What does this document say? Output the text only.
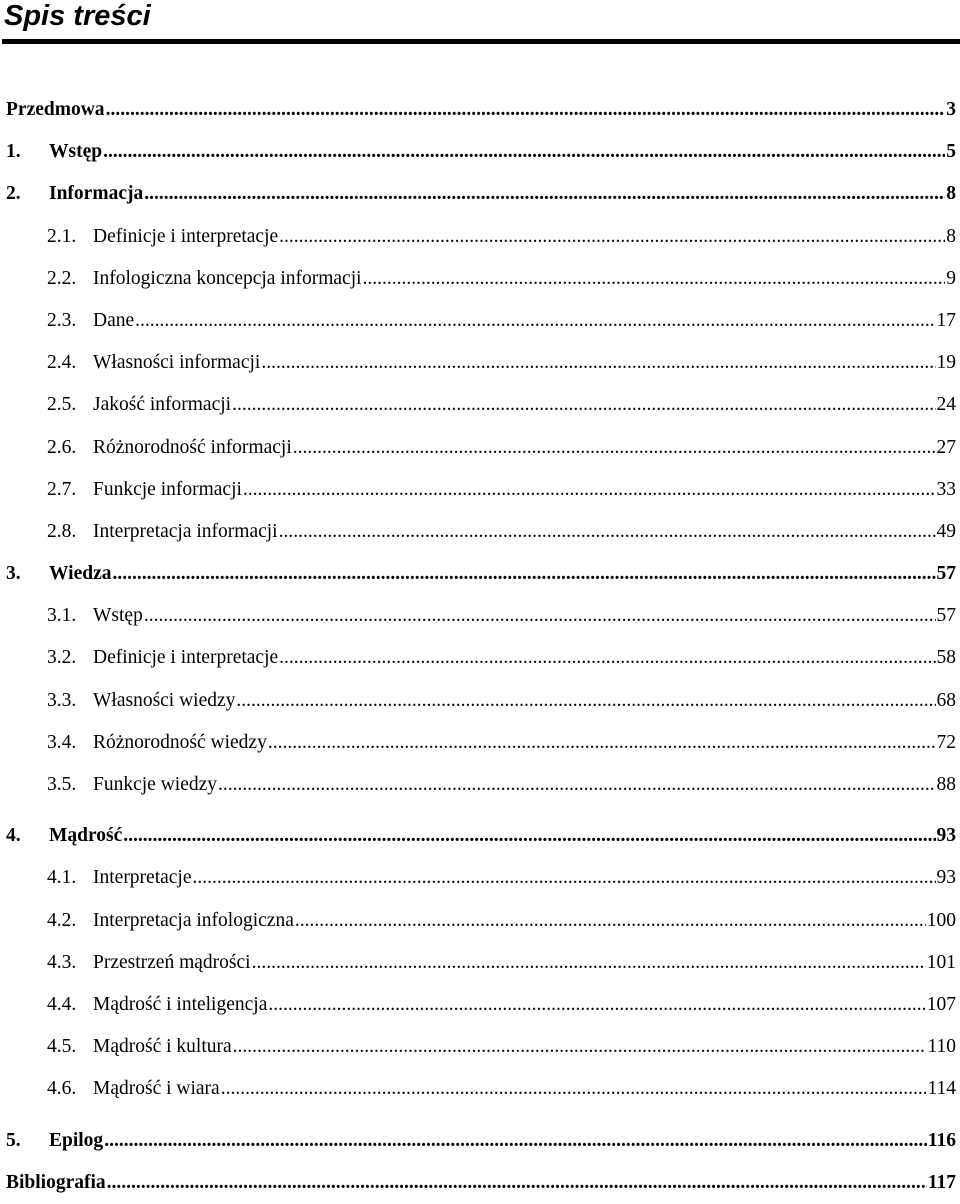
Spis treści
Przedmowa .....	3
1.	Wstęp .....	5
2.	Informacja .....	8
2.1. Definicje i interpretacje .....	8
2.2. Infologiczna koncepcja informacji .....	9
2.3. Dane .....	17
2.4. Własności informacji .....	19
2.5. Jakość informacji .....	24
2.6. Różnorodność informacji .....	27
2.7. Funkcje informacji .....	33
2.8. Interpretacja informacji .....	49
3.	Wiedza .....	57
3.1. Wstęp .....	57
3.2. Definicje i interpretacje .....	58
3.3. Własności wiedzy .....	68
3.4. Różnorodność wiedzy .....	72
3.5. Funkcje wiedzy .....	88
4.	Mądrość .....	93
4.1. Interpretacje .....	93
4.2. Interpretacja infologiczna .....	100
4.3. Przestrzeń mądrości .....	101
4.4. Mądrość i inteligencja .....	107
4.5. Mądrość i kultura .....	110
4.6. Mądrość i wiara .....	114
5.	Epilog .....	116
Bibliografia .....	117
